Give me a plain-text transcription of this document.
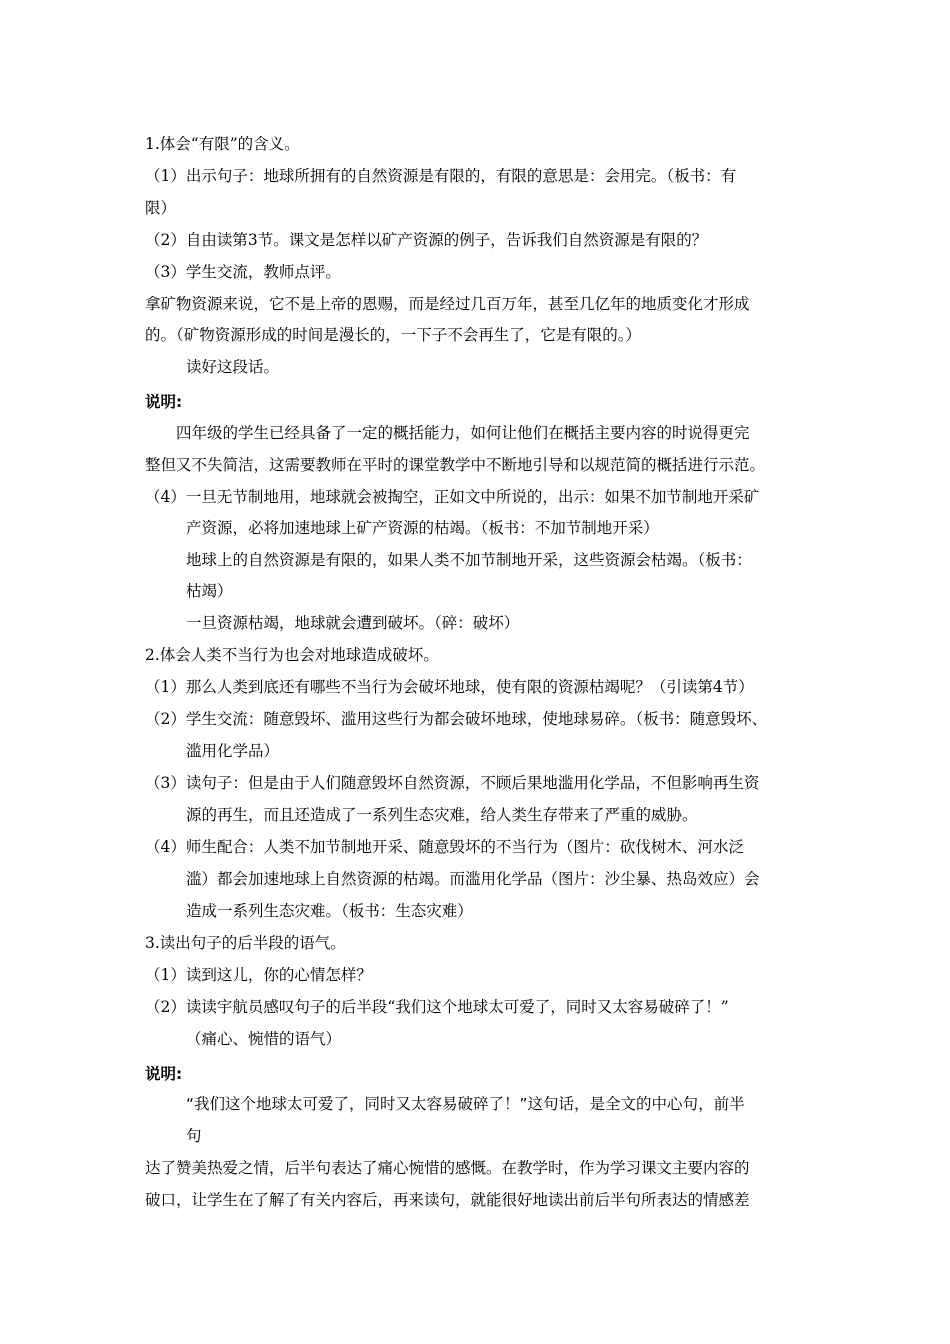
1.体会“有限”的含义。
（1）出示句子：地球所拥有的自然资源是有限的，有限的意思是：会用完。（板书：有
限）
（2）自由读第3节。课文是怎样以矿产资源的例子，告诉我们自然资源是有限的？
（3）学生交流，教师点评。
拿矿物资源来说，它不是上帝的恩赐，而是经过几百万年，甚至几亿年的地质变化才形成
的。（矿物资源形成的时间是漫长的，一下子不会再生了，它是有限的。）
读好这段话。
说明:
四年级的学生已经具备了一定的概括能力，如何让他们在概括主要内容的时说得更完
整但又不失简洁，这需要教师在平时的课堂教学中不断地引导和以规范简的概括进行示范。
（4）一旦无节制地用，地球就会被掏空，正如文中所说的，出示：如果不加节制地开采矿
产资源，必将加速地球上矿产资源的枯竭。（板书：不加节制地开采）
地球上的自然资源是有限的，如果人类不加节制地开采，这些资源会枯竭。（板书：
枯竭）
一旦资源枯竭，地球就会遭到破坏。（碎：破坏）
2.体会人类不当行为也会对地球造成破坏。
（1）那么人类到底还有哪些不当行为会破坏地球，使有限的资源枯竭呢？（引读第4节）
（2）学生交流：随意毁坏、滥用这些行为都会破坏地球，使地球易碎。（板书：随意毁坏、
滥用化学品）
（3）读句子：但是由于人们随意毁坏自然资源，不顾后果地滥用化学品，不但影响再生资
源的再生，而且还造成了一系列生态灾难，给人类生存带来了严重的威胁。
（4）师生配合：人类不加节制地开采、随意毁坏的不当行为（图片：砍伐树木、河水泛
滥）都会加速地球上自然资源的枯竭。而滥用化学品（图片：沙尘暴、热岛效应）会
造成一系列生态灾难。（板书：生态灾难）
3.读出句子的后半段的语气。
（1）读到这儿，你的心情怎样？
（2）读读宇航员感叹句子的后半段“我们这个地球太可爱了，同时又太容易破碎了！”
（痛心、惋惜的语气）
说明:
“我们这个地球太可爱了，同时又太容易破碎了！”这句话，是全文的中心句，前半
句
达了赞美热爱之情，后半句表达了痛心惋惜的感慨。在教学时，作为学习课文主要内容的
破口，让学生在了解了有关内容后，再来读句，就能很好地读出前后半句所表达的情感差
